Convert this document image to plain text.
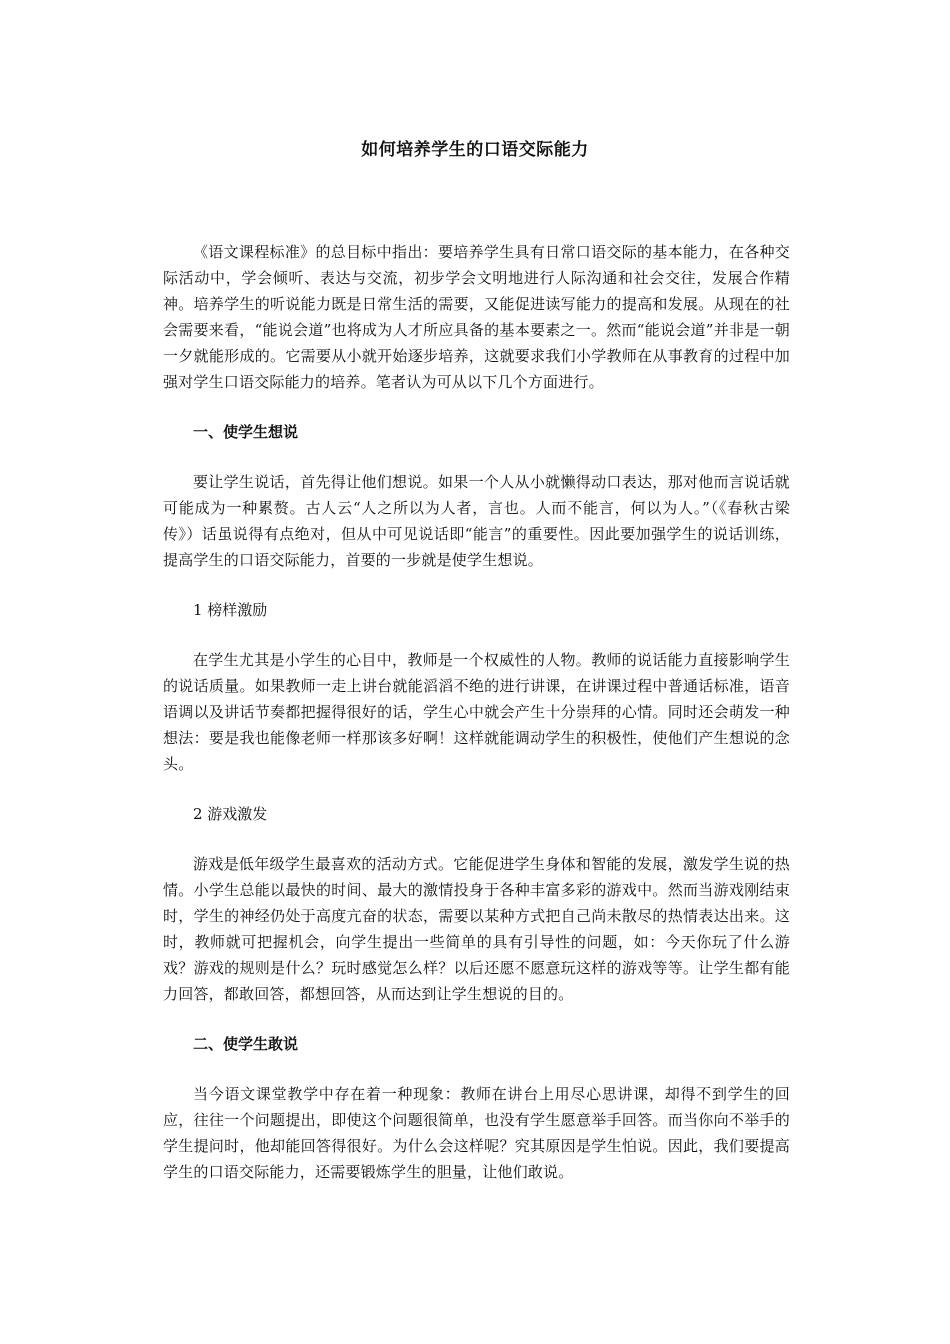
如何培养学生的口语交际能力
《语文课程标准》的总目标中指出：要培养学生具有日常口语交际的基本能力，在各种交际活动中，学会倾听、表达与交流，初步学会文明地进行人际沟通和社会交往，发展合作精神。培养学生的听说能力既是日常生活的需要，又能促进读写能力的提高和发展。从现在的社会需要来看，“能说会道”也将成为人才所应具备的基本要素之一。然而“能说会道”并非是一朝一夕就能形成的。它需要从小就开始逐步培养，这就要求我们小学教师在从事教育的过程中加强对学生口语交际能力的培养。笔者认为可从以下几个方面进行。
一、使学生想说
要让学生说话，首先得让他们想说。如果一个人从小就懒得动口表达，那对他而言说话就可能成为一种累赘。古人云“人之所以为人者，言也。人而不能言，何以为人。”（《春秋古梁传》）话虽说得有点绝对，但从中可见说话即“能言”的重要性。因此要加强学生的说话训练，提高学生的口语交际能力，首要的一步就是使学生想说。
1 榜样激励
在学生尤其是小学生的心目中，教师是一个权威性的人物。教师的说话能力直接影响学生的说话质量。如果教师一走上讲台就能滔滔不绝的进行讲课，在讲课过程中普通话标准，语音语调以及讲话节奏都把握得很好的话，学生心中就会产生十分崇拜的心情。同时还会萌发一种想法：要是我也能像老师一样那该多好啊！这样就能调动学生的积极性，使他们产生想说的念头。
2 游戏激发
游戏是低年级学生最喜欢的活动方式。它能促进学生身体和智能的发展，激发学生说的热情。小学生总能以最快的时间、最大的激情投身于各种丰富多彩的游戏中。然而当游戏刚结束时，学生的神经仍处于高度亢奋的状态，需要以某种方式把自己尚未散尽的热情表达出来。这时，教师就可把握机会，向学生提出一些简单的具有引导性的问题，如：今天你玩了什么游戏？游戏的规则是什么？玩时感觉怎么样？以后还愿不愿意玩这样的游戏等等。让学生都有能力回答，都敢回答，都想回答，从而达到让学生想说的目的。
二、使学生敢说
当今语文课堂教学中存在着一种现象：教师在讲台上用尽心思讲课，却得不到学生的回应，往往一个问题提出，即使这个问题很简单，也没有学生愿意举手回答。而当你向不举手的学生提问时，他却能回答得很好。为什么会这样呢？究其原因是学生怕说。因此，我们要提高学生的口语交际能力，还需要锻炼学生的胆量，让他们敢说。
